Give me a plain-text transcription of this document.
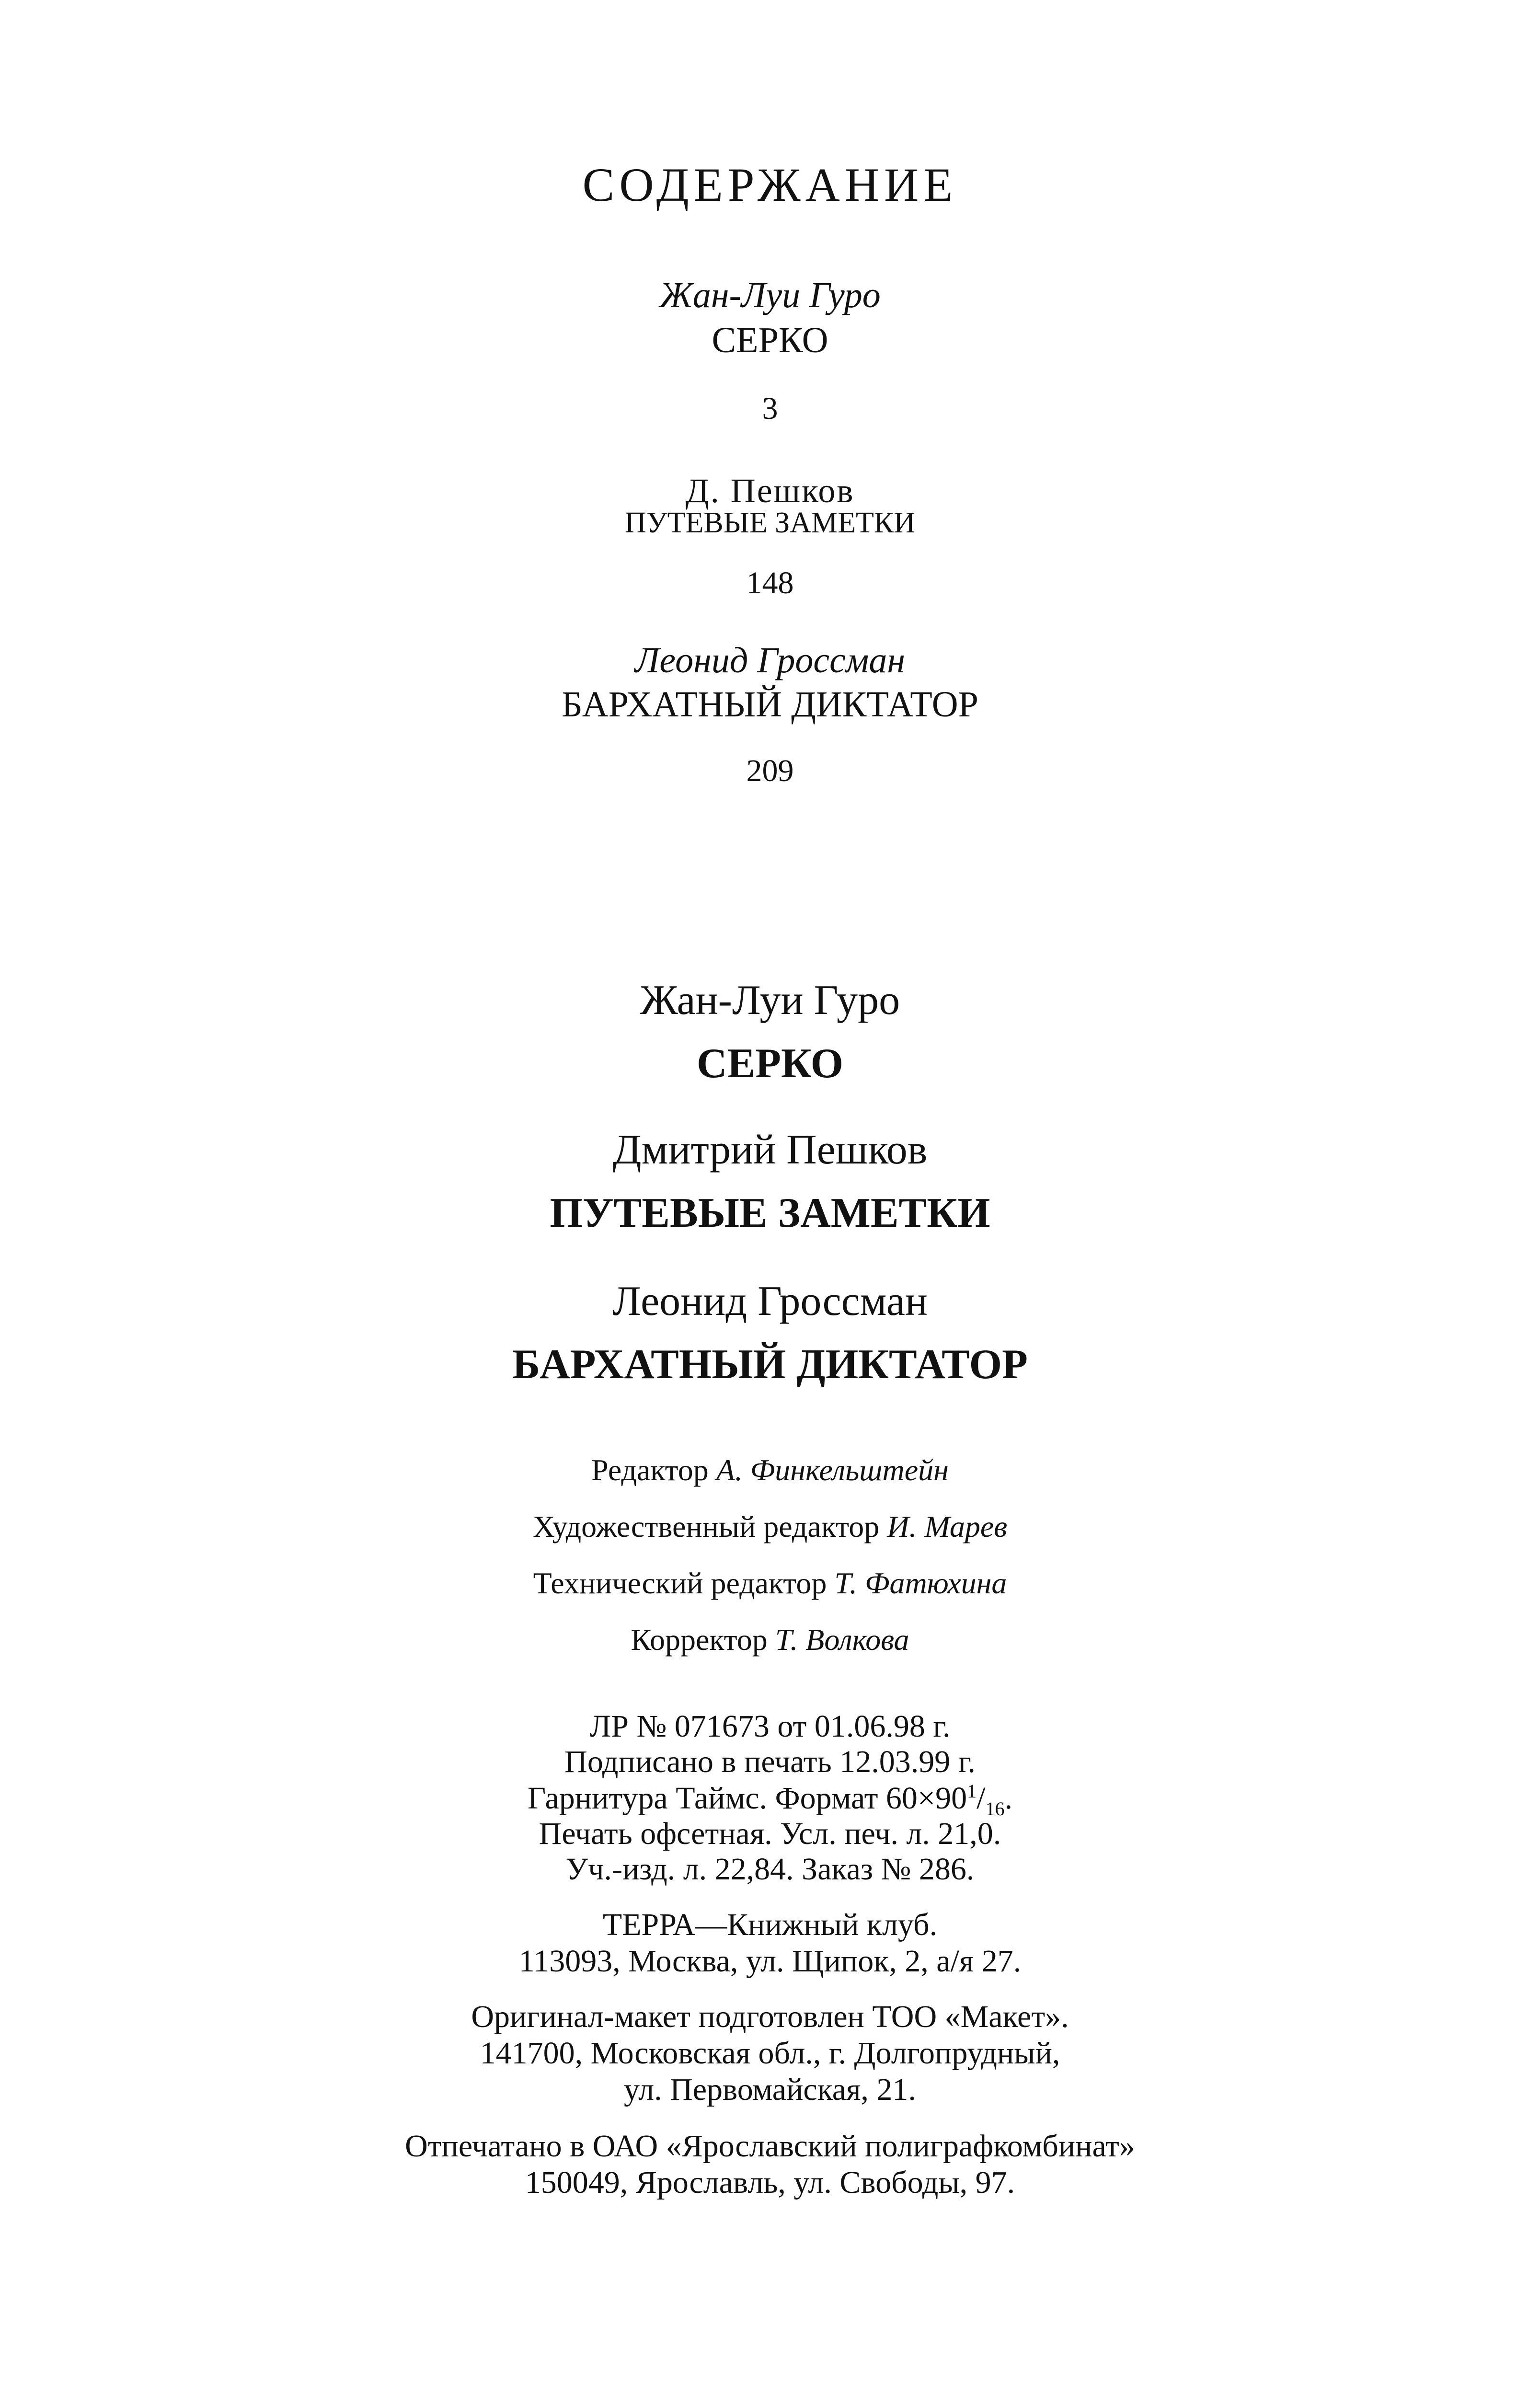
СОДЕРЖАНИЕ
Жан-Луи Гуро
СЕРКО
3
Д. Пешков
ПУТЕВЫЕ ЗАМЕТКИ
148
Леонид Гроссман
БАРХАТНЫЙ ДИКТАТОР
209
Жан-Луи Гуро
СЕРКО
Дмитрий Пешков
ПУТЕВЫЕ ЗАМЕТКИ
Леонид Гроссман
БАРХАТНЫЙ ДИКТАТОР
Редактор А. Финкельштейн
Художественный редактор И. Марев
Технический редактор Т. Фатюхина
Корректор Т. Волкова
ЛР № 071673 от 01.06.98 г.
Подписано в печать 12.03.99 г.
Гарнитура Таймс. Формат $60\times 90^1/_{16}$.
Печать офсетная. Усл. печ. л. 21,0.
Уч.-изд. л. 22,84. Заказ № 286.
ТЕРРА—Книжный клуб.
113093, Москва, ул. Щипок, 2, а/я 27.
Оригинал-макет подготовлен ТОО «Макет».
141700, Московская обл., г. Долгопрудный,
ул. Первомайская, 21.
Отпечатано в ОАО «Ярославский полиграфкомбинат»
150049, Ярославль, ул. Свободы, 97.
